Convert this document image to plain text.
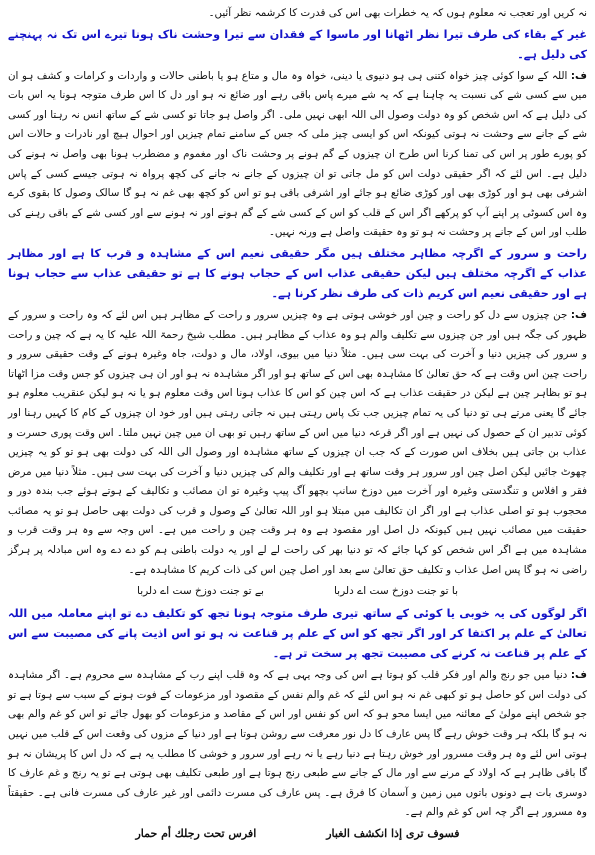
نہ کریں اور تعجب نہ معلوم ہوں کہ یہ خطرات بھی اس کی قدرت کا کرشمہ نظر آئیں۔

غیر کے بقاء کی طرف تیرا نظر اٹھانا اور ماسوا کے فقدان سے تیرا وحشت ناک ہونا تیرے اس تک نہ پہنچنے کی دلیل ہے۔

ف: اللہ کے سوا کوئی چیز خواہ کتنی ہی ہو دنیوی یا دینی، خواہ وہ مال و متاع ہو یا باطنی حالات و واردات و کرامات و کشف ہو ان میں سے کسی شے کی نسبت یہ چاہنا ہے کہ یہ شے میرے پاس باقی رہے اور ضائع نہ ہو اور دل کا اس طرف متوجہ ہونا یہ اس بات کی دلیل ہے کہ اس شخص کو وہ دولت وصول الی اللہ ابھی نہیں ملی۔ اگر واصل ہو جاتا تو کسی شے کے ساتھ انس نہ رہتا اور کسی شے کے جانے سے وحشت نہ ہوتی کیونکہ اس کو ایسی چیز ملی کہ جس کے سامنے تمام چیزیں اور احوال ہیچ اور نادرات و حالات اس کو پورے طور پر اس کی تمنا کرنا اس طرح ان چیزوں کے گم ہونے پر وحشت ناک اور مغموم و مضطرب ہونا بھی واصل نہ ہونے کی دلیل ہے۔ اس لئے کہ اگر حقیقی دولت اس کو مل جاتی تو ان چیزوں کے جانے نہ جانے کی کچھ پرواہ نہ ہوتی جیسے کسی کے پاس اشرفی بھی ہو اور کوڑی بھی اور کوڑی ضائع ہو جائے اور اشرفی باقی ہو تو اس کو کچھ بھی غم نہ ہو گا سالک وصول کا بقوی کرے وہ اس کسوٹی پر اپنے آپ کو پرکھے اگر اس کے قلب کو اس کے کسی شے کے گم ہونے اور نہ ہونے سے اور کسی شے کے باقی رہنے کی طلب اور اس کے جانے پر وحشت نہ ہو تو وہ حقیقت واصل ہے ورنہ نہیں۔

راحت و سرور کے اگرچہ مظاہر مختلف ہیں مگر حقیقی نعیم اس کے مشاہدہ و قرب کا ہے اور مظاہر عذاب کے اگرچہ مختلف ہیں لیکن حقیقی عذاب اس کے حجاب ہونے کا ہے تو حقیقی عذاب سے حجاب ہونا ہے اور حقیقی نعیم اس کریم ذات کی طرف نظر کرنا ہے۔

ف: جن چیزوں سے دل کو راحت و چین اور خوشی ہوتی ہے وہ چیزیں سرور و راحت کے مظاہر ہیں اس لئے کہ وہ راحت و سرور کے ظہور کی جگہ ہیں اور جن چیزوں سے تکلیف والم ہو وہ عذاب کے مظاہر ہیں۔ مطلب شیخ رحمۃ اللہ علیہ کا یہ ہے کہ چین و راحت و سرور کی چیزیں دنیا و آخرت کی بہت سی ہیں۔ مثلاً دنیا میں بیوی، اولاد، مال و دولت، جاہ وغیرہ ہونے کے وقت حقیقی سرور و راحت چین اس وقت ہے کہ حق تعالیٰ کا مشاہدہ بھی اس کے ساتھ ہو اور اگر مشاہدہ نہ ہو اور ان ہی چیزوں کو جس وقت مزا اٹھاتا ہو تو بظاہر چین ہے لیکن در حقیقت عذاب ہے کہ اس چین کو اس کا عذاب ہونا اس وقت معلوم ہو یا نہ ہو لیکن عنقریب معلوم ہو جائے گا یعنی مرتے ہی تو دنیا کی یہ تمام چیزیں جب تک پاس رہتی ہیں نہ جاتی رہتی ہیں اور خود ان چیزوں کے کام کا کہیں رہنا اور کوئی تدبیر ان کے حصول کی نہیں ہے اور اگر قرعہ دنیا میں اس کے ساتھ رہیں تو بھی ان میں چین نہیں ملتا۔ اس وقت پوری حسرت و عذاب بن جاتی ہیں بخلاف اس صورت کے کہ جب ان چیزوں کے ساتھ مشاہدہ اور وصول الی اللہ کی دولت بھی ہو تو کو یہ چیزیں چھوٹ جائیں لیکن اصل چین اور سرور ہر وقت ساتھ ہے اور تکلیف والم کی چیزیں دنیا و آخرت کی بہت سی ہیں۔ مثلاً دنیا میں مرض فقر و افلاس و تنگدستی وغیرہ اور آخرت میں دوزخ سانپ بچھو آگ پیپ وغیرہ تو ان مصائب و تکالیف کے ہوتے ہوئے جب بندہ دور و محجوب ہو تو اصلی عذاب ہے اور اگر ان تکالیف میں مبتلا ہو اور اللہ تعالیٰ کے وصول و قرب کی دولت بھی حاصل ہو تو یہ مصائب حقیقت میں مصائب نہیں ہیں کیونکہ دل اصل اور مقصود ہے وہ ہر وقت چین و راحت میں ہے۔ اس وجہ سے وہ ہر وقت قرب و مشاہدہ میں ہے اگر اس شخص کو کہا جائے کہ تو دنیا بھر کی راحت لے لے اور یہ دولت باطنی ہم کو دے دے وہ اس مبادلہ پر ہرگز راضی نہ ہو گا پس اصل عذاب و تکلیف حق تعالیٰ سے بعد اور اصل چین اس کی ذات کریم کا مشاہدہ ہے۔

با تو جنت دوزخ ست اے دلربا
بے تو جنت دوزخ ست اے دلربا

اگر لوگوں کی یہ خوبی یا کوئی کے ساتھ تیری طرف متوجہ ہونا تجھ کو تکلیف دے تو اپنے معاملہ میں اللہ تعالیٰ کے علم پر اکتفا کر اور اگر تجھ کو اس کے علم پر قناعت نہ ہو تو اس اذیت پانے کی مصیبت سے اس کے علم پر قناعت نہ کرنے کی مصیبت تجھ پر سخت تر ہے۔

ف: دنیا میں جو رنج والم اور فکر قلب کو ہوتا ہے اس کی وجہ یہی ہے کہ وہ قلب اپنے رب کے مشاہدہ سے محروم ہے۔ اگر مشاہدہ کی دولت اس کو حاصل ہو تو کبھی غم نہ ہو اس لئے کہ غم والم نفس کے مقصود اور مزعومات کے فوت ہونے کے سبب سے ہوتا ہے تو جو شخص اپنے مولیٰ کے معائنہ میں ایسا محو ہو کہ اس کو نفس اور اس کے مقاصد و مزعومات کو بھول جائے تو اس کو غم والم بھی نہ ہو گا بلکہ ہر وقت خوش رہے گا پس عارف کا دل نور معرفت سے روشن ہوتا ہے اور دنیا کے مزوں کی وقعت اس کے قلب میں نہیں ہوتی اس لئے وہ ہر وقت مسرور اور خوش رہتا ہے دنیا رہے یا نہ رہے اور سرور و خوشی کا مطلب یہ ہے کہ دل اس کا پریشان نہ ہو گا باقی ظاہر ہے کہ اولاد کے مرنے سے اور مال کے جانے سے طبعی رنج ہوتا ہے اور طبعی تکلیف بھی ہوتی ہے تو یہ رنج و غم عارف کا دوسری بات ہے دونوں باتوں میں زمین و آسمان کا فرق ہے۔ پس عارف کی مسرت دائمی اور غیر عارف کی مسرت فانی ہے۔ حقیقتاً وہ مسرور ہے اگر چہ اس کو غم والم ہے۔

فسوف تری إذا انكشف الغبار
افرس تحت رجلك أم حمار
